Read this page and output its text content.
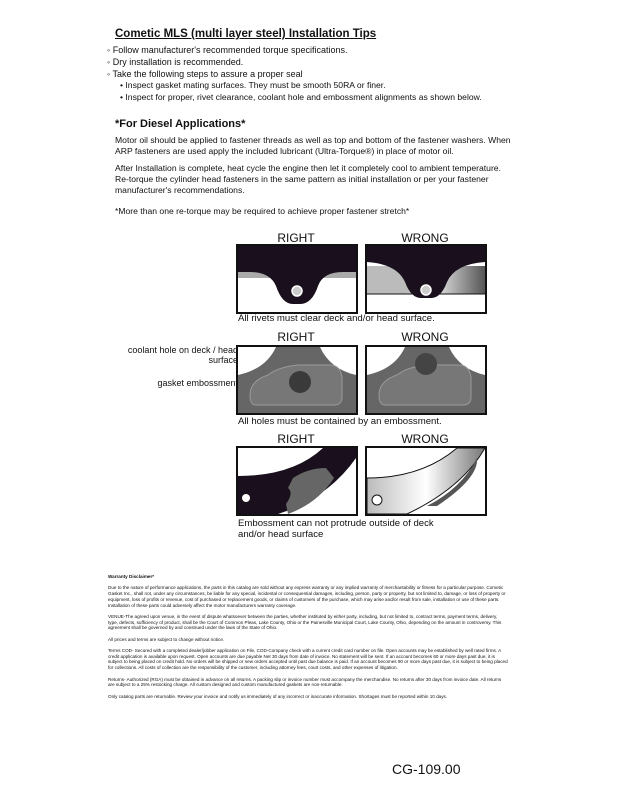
Cometic MLS (multi layer steel) Installation Tips
◦ Follow manufacturer's recommended torque specifications.
◦ Dry installation is recommended.
◦ Take the following steps to assure a proper seal
• Inspect gasket mating surfaces. They must be smooth 50RA or finer.
• Inspect for proper, rivet clearance, coolant hole and embossment alignments as shown below.
*For Diesel Applications*
Motor oil should be applied to fastener threads as well as top and bottom of the fastener washers. When ARP fasteners are used apply the included lubricant (Ultra-Torque®) in place of motor oil.
After Installation is complete, heat cycle the engine then let it completely cool to ambient temperature. Re-torque the cylinder head fasteners in the same pattern as initial installation or per your fastener manufacturer's recommendations.
*More than one re-torque may be required to achieve proper fastener stretch*
RIGHT	WRONG
All rivets must clear deck and/or head surface.
RIGHT	WRONG
coolant hole on deck / head surface
gasket embossment
All holes must be contained by an embossment.
RIGHT	WRONG
Embossment can not protrude outside of deck and/or head surface

Warranty Disclaimer*

Due to the nature of performance applications, the parts in this catalog are sold without any express warranty or any implied warranty of merchantability or fitness for a particular purpose. Cometic Gasket Inc., shall not, under any circumstances, be liable for any special, incidental or consequential damages, including, person, party or property, but not limited to, damage, or loss of property or equipment, loss of profits or revenue, cost of purchased or replacement goods, or claims of customers of the purchase, which may arise and/or result from sale, installation or use of these parts. Installation of these parts could adversely affect the motor manufacturers warranty coverage.

VENUE-The agreed upon venue, in the event of dispute whatsoever between the parties, whether instituted by either party, including, but not limited to, contract terms, payment terms, delivery, type, defects, sufficiency of product, shall be the Court of Common Pleas, Lake County, Ohio or the Painesville Municipal Court, Lake County, Ohio, depending on the amount in controversy. This agreement shall be governed by and construed under the laws of the State of Ohio.

All prices and terms are subject to change without notice.

Terms COD- Secured with a completed dealer/jobber application on File, COD-Company check with a current credit card number on file. Open accounts may be established by well rated firms. A credit application is available upon request. Open accounts are due payable Net 30 days from date of invoice. No statement will be sent. If an account becomes 60 or more days past due, it is subject to being placed on credit hold. No orders will be shipped or new orders accepted until past due balance is paid. If an account becomes 90 or more days past due, it is subject to being placed for collections. All costs of collection are the responsibility of the customer, including attorney fees, court costs, and other expenses of litigation.

Returns- Authorized (RGA) must be obtained in advance on all returns. A packing slip or invoice number must accompany the merchandise. No returns after 30 days from invoice date. All returns are subject to a 25% restocking charge. All custom designed and custom manufactured gaskets are non-returnable.

Only catalog parts are returnable. Review your invoice and notify us immediately of any incorrect or inaccurate information. Shortages must be reported within 10 days.

CG-109.00
